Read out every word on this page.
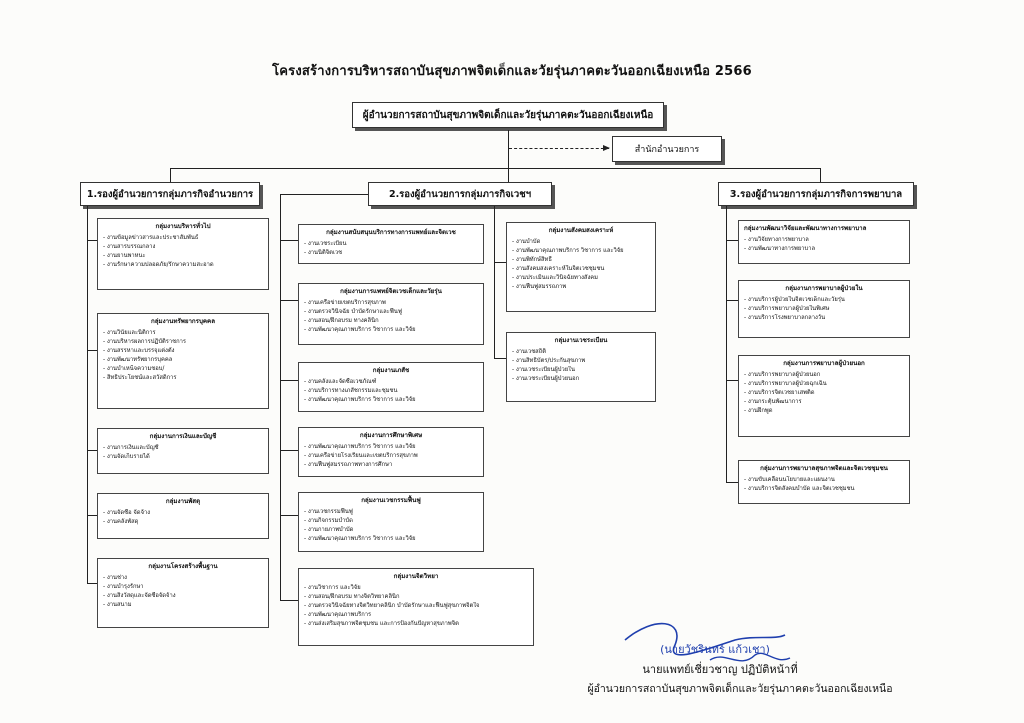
โครงสร้างการบริหารสถาบันสุขภาพจิตเด็กและวัยรุ่นภาคตะวันออกเฉียงเหนือ 2566
ผู้อำนวยการสถาบันสุขภาพจิตเด็กและวัยรุ่นภาคตะวันออกเฉียงเหนือ
สำนักอำนวยการ
1.รองผู้อำนวยการกลุ่มภารกิจอำนวยการ	2.รองผู้อำนวยการกลุ่มภารกิจเวชฯ	3.รองผู้อำนวยการกลุ่มภารกิจการพยาบาล
กลุ่มงานบริหารทั่วไป
- งานข้อมูลข่าวสารและประชาสัมพันธ์
- งานสารบรรณกลาง
- งานยานพาหนะ
- งานรักษาความปลอดภัย/รักษาความสะอาด
กลุ่มงานทรัพยากรบุคคล
- งานวินัยและนิติการ
- งานบริหารผลการปฏิบัติราชการ
- งานสรรหาและบรรจุแต่งตั้ง
- งานพัฒนาทรัพยากรบุคคล
- งานบำเหน็จความชอบ/
- สิทธิประโยชน์และสวัสดิการ
กลุ่มงานการเงินและบัญชี
- งานการเงินและบัญชี
- งานจัดเก็บรายได้
กลุ่มงานพัสดุ
- งานจัดซื้อ จัดจ้าง
- งานคลังพัสดุ
กลุ่มงานโครงสร้างพื้นฐาน
- งานช่าง
- งานบำรุงรักษา
- งานสิ่งวัสดุและจัดซื้อจัดจ้าง
- งานสนาม
กลุ่มงานสนับสนุนบริการทางการแพทย์และจิตเวช
- งานเวชระเบียน
- งานนิติจิตเวช
กลุ่มงานการแพทย์จิตเวชเด็กและวัยรุ่น
- งานเครือข่ายเขตบริการสุขภาพ
- งานตรวจวินิจฉัย บำบัดรักษาและฟื้นฟู
- งานสอน/ฝึกอบรม ทางคลินิก
- งานพัฒนาคุณภาพบริการ วิชาการ และวิจัย
กลุ่มงานเภสัช
- งานคลังและจัดซื้อเวชภัณฑ์
- งานบริการทางเภสัชกรรมและชุมชน
- งานพัฒนาคุณภาพบริการ วิชาการ และวิจัย
กลุ่มงานการศึกษาพิเศษ
- งานพัฒนาคุณภาพบริการ วิชาการ และวิจัย
- งานเครือข่ายโรงเรียนและเขตบริการสุขภาพ
- งานฟื้นฟูสมรรถภาพทางการศึกษา
กลุ่มงานเวชกรรมฟื้นฟู
- งานเวชกรรมฟื้นฟู
- งานกิจกรรมบำบัด
- งานกายภาพบำบัด
- งานพัฒนาคุณภาพบริการ วิชาการ และวิจัย
กลุ่มงานจิตวิทยา
- งานวิชาการ และวิจัย
- งานสอน/ฝึกอบรม ทางจิตวิทยาคลินิก
- งานตรวจวินิจฉัยทางจิตวิทยาคลินิก บำบัดรักษาและฟื้นฟูสุขภาพจิตใจ
- งานพัฒนาคุณภาพบริการ
- งานส่งเสริมสุขภาพจิตชุมชน และการป้องกันปัญหาสุขภาพจิต
กลุ่มงานสังคมสงเคราะห์
- งานบำบัด
- งานพัฒนาคุณภาพบริการ วิชาการ และวิจัย
- งานพิทักษ์สิทธิ์
- งานสังคมสงเคราะห์ในจิตเวชชุมชน
- งานประเมินและวินิจฉัยทางสังคม
- งานฟื้นฟูสมรรถภาพ
กลุ่มงานเวชระเบียน
- งานเวชสถิติ
- งานสิทธิบัตร/ประกันสุขภาพ
- งานเวชระเบียนผู้ป่วยใน
- งานเวชระเบียนผู้ป่วยนอก
กลุ่มงานพัฒนาวิจัยและพัฒนาทางการพยาบาล
- งานวิจัยทางการพยาบาล
- งานพัฒนาทางการพยาบาล
กลุ่มงานการพยาบาลผู้ป่วยใน
- งานบริการผู้ป่วยในจิตเวชเด็กและวัยรุ่น
- งานบริการพยาบาลผู้ป่วยในพิเศษ
- งานบริการโรงพยาบาลกลางวัน
กลุ่มงานการพยาบาลผู้ป่วยนอก
- งานบริการพยาบาลผู้ป่วยนอก
- งานบริการพยาบาลผู้ป่วยฉุกเฉิน
- งานบริการจิตเวชยาเสพติด
- งานกระตุ้นพัฒนาการ
- งานฝึกพูด
กลุ่มงานการพยาบาลสุขภาพจิตและจิตเวชชุมชน
- งานขับเคลื่อนนโยบายและแผนงาน
- งานบริการจิตสังคมบำบัด และจิตเวชชุมชน
(นายวัชรินทร์ แก้วเชา)
นายแพทย์เชี่ยวชาญ ปฏิบัติหน้าที่
ผู้อำนวยการสถาบันสุขภาพจิตเด็กและวัยรุ่นภาคตะวันออกเฉียงเหนือ
